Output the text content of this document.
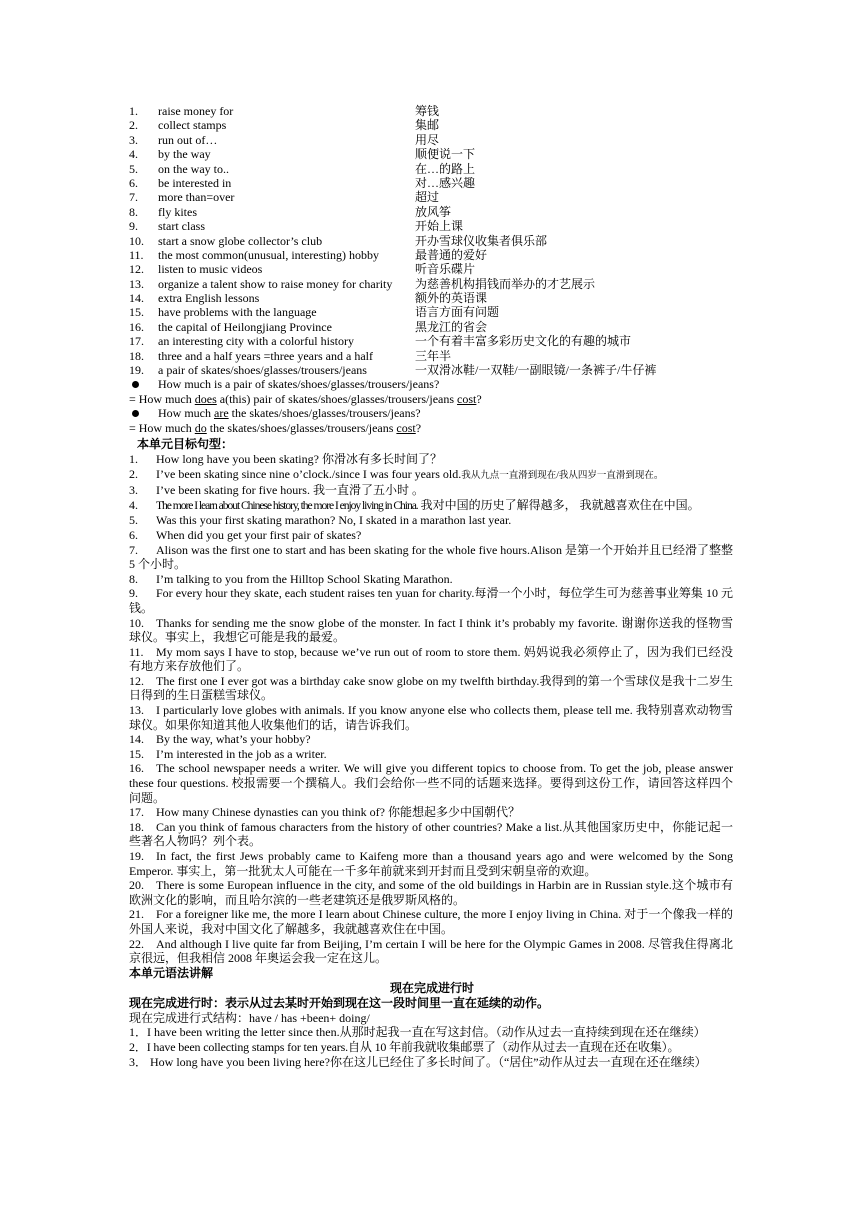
1. raise money for	筹钱
2. collect stamps	集邮
3. run out of…	用尽
4. by the way	顺便说一下
5. on the way to..	在…的路上
6. be interested in	对…感兴趣
7. more than=over	超过
8. fly kites	放风筝
9. start class	开始上课
10. start a snow globe collector’s club	开办雪球仪收集者俱乐部
11. the most common(unusual, interesting) hobby	最普通的爱好
12. listen to music videos	听音乐碟片
13. organize a talent show to raise money for charity 为慈善机构捐钱而举办的才艺展示
14. extra English lessons	额外的英语课
15. have problems with the language	语言方面有问题
16. the capital of Heilongjiang Province	黑龙江的省会
17. an interesting city with a colorful history	一个有着丰富多彩历史文化的有趣的城市
18. three and a half years =three years and a half	三年半
19. a pair of skates/shoes/glasses/trousers/jeans	一双滑冰鞋/一双鞋/一副眼镜/一条裤子/牛仔裤
How much is a pair of skates/shoes/glasses/trousers/jeans?
= How much does a(this) pair of skates/shoes/glasses/trousers/jeans cost?
How much are the skates/shoes/glasses/trousers/jeans?
= How much do the skates/shoes/glasses/trousers/jeans cost?
本单元目标句型：
1. How long have you been skating? 你滑冰有多长时间了？
2. I’ve been skating since nine o’clock./since I was four years old.我从九点一直滑到现在/我从四岁一直滑到现在。
3. I’ve been skating for five hours. 我一直滑了五小时 。
4. The more I learn about Chinese history, the more I enjoy living in China. 我对中国的历史了解得越多， 我就越喜欢住在中国。
5. Was this your first skating marathon? No, I skated in a marathon last year.
6. When did you get your first pair of skates?
7. Alison was the first one to start and has been skating for the whole five hours.Alison 是第一个开始并且已经滑了整整 5 个小时。
8. I’m talking to you from the Hilltop School Skating Marathon.
9. For every hour they skate, each student raises ten yuan for charity.每滑一个小时，每位学生可为慈善事业筹集 10 元钱。
10. Thanks for sending me the snow globe of the monster. In fact I think it’s probably my favorite. 谢谢你送我的怪物雪球仪。事实上，我想它可能是我的最爱。
11. My mom says I have to stop, because we’ve run out of room to store them. 妈妈说我必须停止了，因为我们已经没有地方来存放他们了。
12. The first one I ever got was a birthday cake snow globe on my twelfth birthday.我得到的第一个雪球仪是我十二岁生日得到的生日蛋糕雪球仪。
13. I particularly love globes with animals. If you know anyone else who collects them, please tell me. 我特别喜欢动物雪球仪。如果你知道其他人收集他们的话，请告诉我们。
14. By the way, what’s your hobby?
15. I’m interested in the job as a writer.
16. The school newspaper needs a writer. We will give you different topics to choose from. To get the job, please answer these four questions. 校报需要一个撰稿人。我们会给你一些不同的话题来选择。要得到这份工作，请回答这样四个问题。
17. How many Chinese dynasties can you think of? 你能想起多少中国朝代？
18. Can you think of famous characters from the history of other countries? Make a list.从其他国家历史中，你能记起一些著名人物吗？列个表。
19. In fact, the first Jews probably came to Kaifeng more than a thousand years ago and were welcomed by the Song Emperor. 事实上，第一批犹太人可能在一千多年前就来到开封而且受到宋朝皇帝的欢迎。
20. There is some European influence in the city, and some of the old buildings in Harbin are in Russian style.这个城市有欧洲文化的影响，而且哈尔滨的一些老建筑还是俄罗斯风格的。
21. For a foreigner like me, the more I learn about Chinese culture, the more I enjoy living in China. 对于一个像我一样的外国人来说，我对中国文化了解越多，我就越喜欢住在中国。
22. And although I live quite far from Beijing, I’m certain I will be here for the Olympic Games in 2008. 尽管我住得离北京很远，但我相信 2008 年奥运会我一定在这儿。
本单元语法讲解
现在完成进行时
现在完成进行时：表示从过去某时开始到现在这一段时间里一直在延续的动作。
现在完成进行式结构：have / has +been+ doing/
1．I have been writing the letter since then.从那时起我一直在写这封信。（动作从过去一直持续到现在还在继续）
2．I have been collecting stamps for ten years.自从 10 年前我就收集邮票了（动作从过去一直现在还在收集）。
3． How long have you been living here?你在这儿已经住了多长时间了。（“居住”动作从过去一直现在还在继续）
